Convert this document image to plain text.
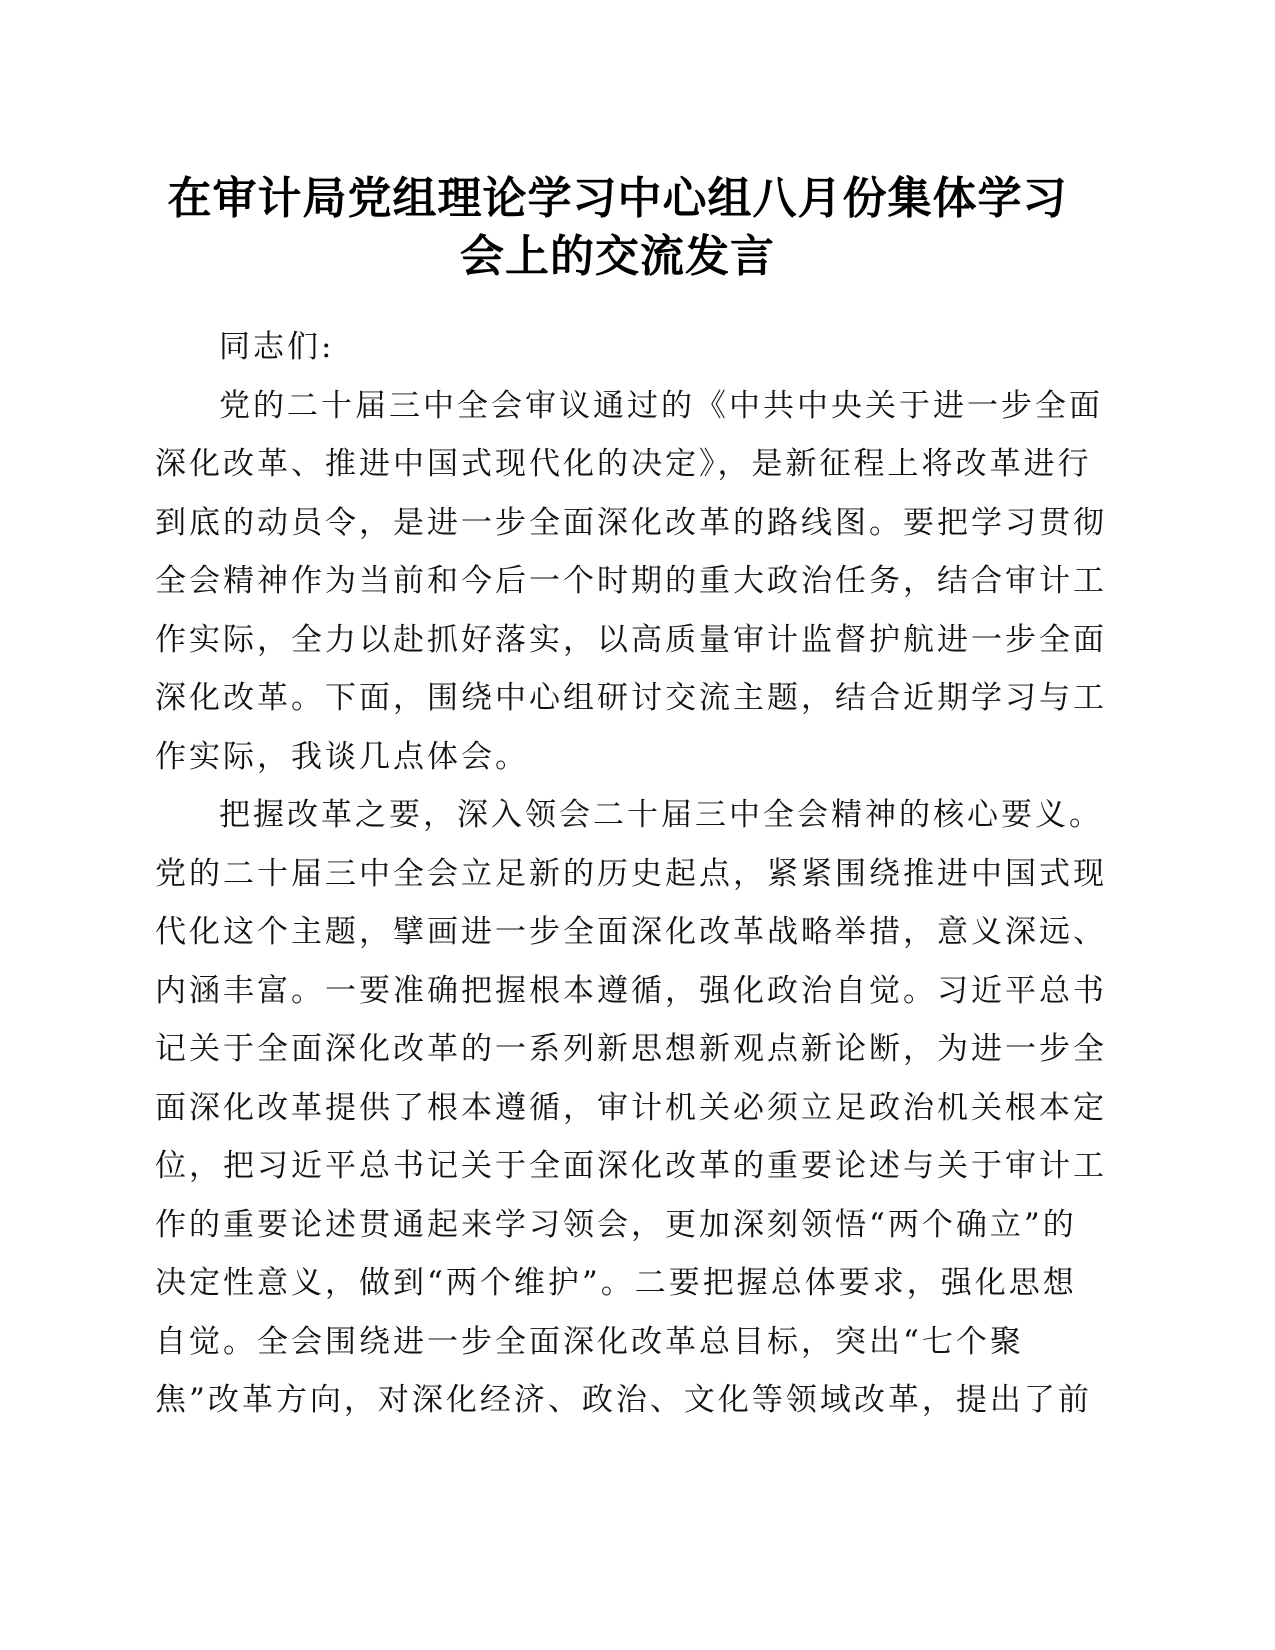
在审计局党组理论学习中心组八月份集体学习
会上的交流发言
同志们:
党的二十届三中全会审议通过的《中共中央关于进一步全面
深化改革、推进中国式现代化的决定》，是新征程上将改革进行
到底的动员令，是进一步全面深化改革的路线图。要把学习贯彻
全会精神作为当前和今后一个时期的重大政治任务，结合审计工
作实际，全力以赴抓好落实，以高质量审计监督护航进一步全面
深化改革。下面，围绕中心组研讨交流主题，结合近期学习与工
作实际，我谈几点体会。
把握改革之要，深入领会二十届三中全会精神的核心要义。
党的二十届三中全会立足新的历史起点，紧紧围绕推进中国式现
代化这个主题，擘画进一步全面深化改革战略举措，意义深远、
内涵丰富。一要准确把握根本遵循，强化政治自觉。习近平总书
记关于全面深化改革的一系列新思想新观点新论断，为进一步全
面深化改革提供了根本遵循，审计机关必须立足政治机关根本定
位，把习近平总书记关于全面深化改革的重要论述与关于审计工
作的重要论述贯通起来学习领会，更加深刻领悟“两个确立”的
决定性意义，做到“两个维护”。二要把握总体要求，强化思想
自觉。全会围绕进一步全面深化改革总目标，突出“七个聚
焦”改革方向，对深化经济、政治、文化等领域改革，提出了前
